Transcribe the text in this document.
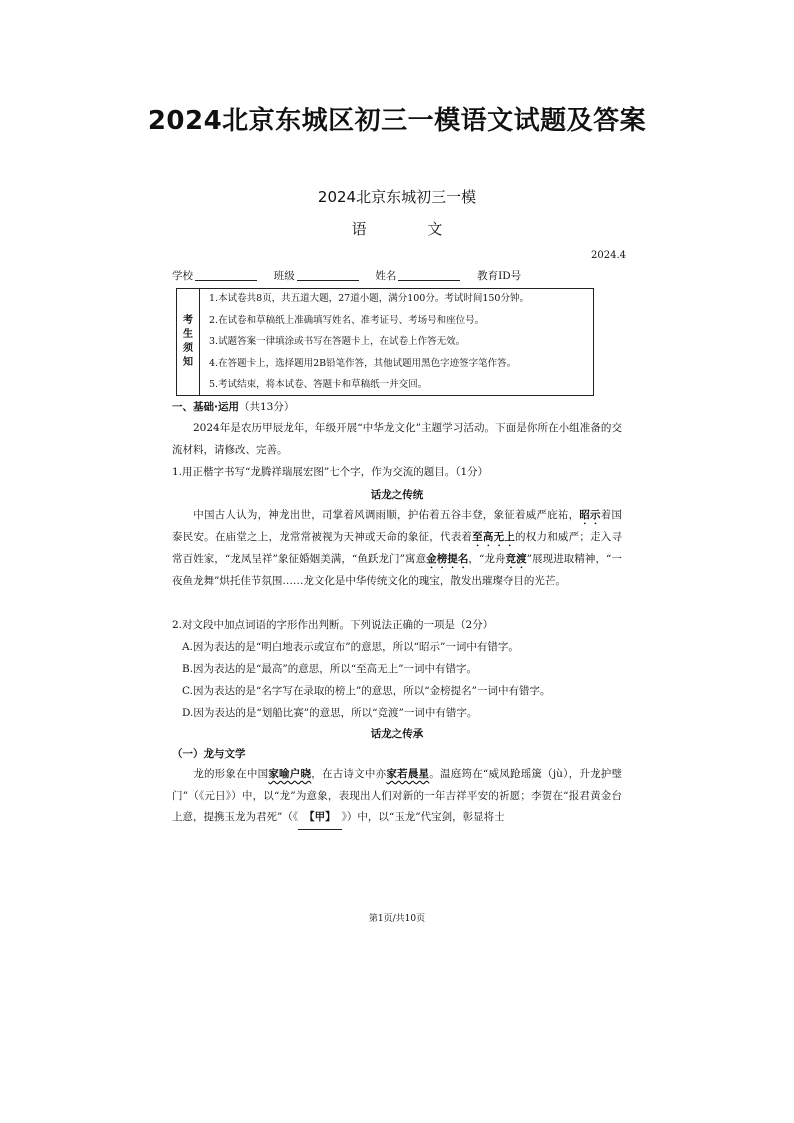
2024北京东城区初三一模语文试题及答案
2024北京东城初三一模
语 文
2024.4
学校	班级	姓名	教育ID号
考
生
须
知
1.本试卷共8页，共五道大题，27道小题，满分100分。考试时间150分钟。
2.在试卷和草稿纸上准确填写姓名、准考证号、考场号和座位号。
3.试题答案一律填涂或书写在答题卡上，在试卷上作答无效。
4.在答题卡上，选择题用2B铅笔作答，其他试题用黑色字迹签字笔作答。
5.考试结束，将本试卷、答题卡和草稿纸一并交回。
一、基础·运用（共13分）
2024年是农历甲辰龙年，年级开展“中华龙文化”主题学习活动。下面是你所在小组准备的交流材料，请修改、完善。
1.用正楷字书写“龙腾祥瑞展宏图”七个字，作为交流的题目。（1分）
话龙之传统
中国古人认为，神龙出世，司掌着风调雨顺，护佑着五谷丰登，象征着威严庇祐，昭示着国泰民安。在庙堂之上，龙常常被视为天神或天命的象征，代表着至高无上的权力和威严；走入寻常百姓家，“龙凤呈祥”象征婚姻美满，“鱼跃龙门”寓意金榜提名，“龙舟竞渡”展现进取精神，“一夜鱼龙舞”烘托佳节氛围……龙文化是中华传统文化的瑰宝，散发出璀璨夺目的光芒。
2.对文段中加点词语的字形作出判断。下列说法正确的一项是（2分）
A.因为表达的是“明白地表示或宣布”的意思，所以“昭示”一词中有错字。
B.因为表达的是“最高”的意思，所以“至高无上”一词中有错字。
C.因为表达的是“名字写在录取的榜上”的意思，所以“金榜提名”一词中有错字。
D.因为表达的是“划船比赛”的意思，所以“竞渡”一词中有错字。
话龙之传承
（一）龙与文学
龙的形象在中国家喻户晓，在古诗文中亦家若晨星。温庭筠在“威凤跄瑶簴（jù），升龙护璧门”（《元日》）中，以“龙”为意象，表现出人们对新的一年吉祥平安的祈愿；李贺在“报君黄金台上意，提携玉龙为君死”（《 【甲】 》）中，以“玉龙”代宝剑，彰显将士
第1页/共10页
